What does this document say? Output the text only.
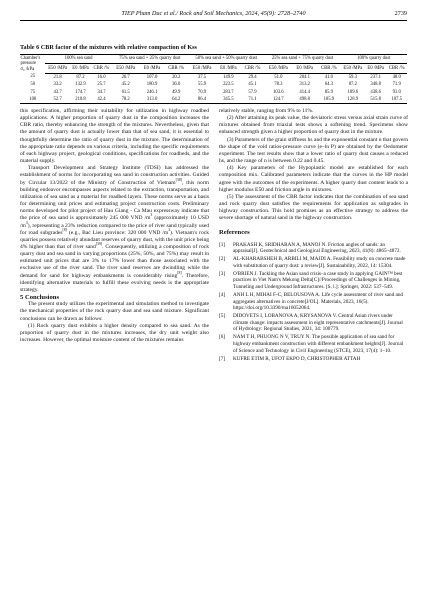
TIEP Pham Duc et al./ Rock and Soil Mechanics, 2024, 45(9): 2728–2740	2739
Table 6 CBR factor of the mixtures with relative compaction of Kss
Chamber's
pressure
σ₀ /kPa	100% sea sand			75% sea sand + 25% quarry dust			50% sea sand + 50% quarry dust			25% sea sand + 75% quarry dust			100% quarry dust		
	E50 /MPa	E0 /MPa	CBR /%	E50 /MPa	E0 /MPa	CBR /%	E50 /MPa	E0 /MPa	CBR /%	E50 /MPa	E0 /MPa	CBR /%	E50 /MPa	E0 /MPa	CBR /%
25	21.8	87.2	16.0	26.7	107.0	20.2	37.5	149.9	29.4	51.0	204.1	41.0	59.3	237.1	48.0
50	33.2	132.9	25.7	45.2	180.9	36.0	55.9	223.5	45.1	78.3	313.2	64.3	87.2	348.8	71.9
75	43.7	174.7	34.7	61.5	246.1	49.9	70.9	283.7	57.9	103.6	414.4	85.9	109.6	438.6	91.0
100	52.7	210.8	42.4	78.2	313.0	64.2	86.4	345.5	71.1	124.7	498.8	105.9	128.9	515.8	107.5

this specification, affirming their suitability for utilization in highway roadbed applications. A higher proportion of quarry dust in the composition increases the CBR ratio, thereby enhancing the strength of the mixtures. Nevertheless, given that the amount of quarry dust is actually lower than that of sea sand, it is essential to thoughtfully determine the ratio of quarry dust in the mixture. The determination of the appropriate ratio depends on various criteria, including the specific requirements of each highway project, geological conditions, specifications for roadbeds, and the material supply.

Transport Development and Strategy Institute (TDSI) has addressed the establishment of norms for incorporating sea sand in construction activities. Guided by Circular 13/2022 of the Ministry of Construction of Vietnam[38], this norm building endeavor encompasses aspects related to the extraction, transportation, and utilization of sea sand as a material for roadbed layers. These norms serve as a basis for determining unit prices and estimating project construction costs. Preliminary norms developed for pilot project of Hau Giang - Ca Mau expressway indicate that the price of sea sand is approximately 245 000 VND $/m^3$ (approximately 10 USD $/m^3$), representing a 23% reduction compared to the price of river sand typically used for road subgrades[8] (e.g., Bac Lieu province: 320 000 VND $/m^3$). Vietnam's rock quarries possess relatively abundant reserves of quarry dust, with the unit price being 4% higher than that of river sand[39]. Consequently, utilizing a composition of rock quarry dust and sea sand in varying proportions (25%, 50%, and 75%) may result in estimated unit prices that are 3% to 17% lower than those associated with the exclusive use of the river sand. The river sand reserves are dwindling while the demand for sand for highway embankments is considerably rising[8]. Therefore, identifying alternative materials to fulfill these evolving needs is the appropriate strategy.

5 Conclusions

The present study utilizes the experimental and simulation method to investigate the mechanical properties of the rock quarry dust and sea sand mixture. Significant conclusions can be drawn as follows:

(1) Rock quarry dust exhibits a higher density compared to sea sand. As the proportion of quarry dust in the mixtures increases, the dry unit weight also increases. However, the optimal moisture content of the mixtures remains

relatively stable, ranging from 9% to 11%.

(2) After attaining its peak value, the deviatoric stress versus axial strain curve of mixtures obtained from triaxial tests shows a softening trend. Specimens show enhanced strength given a higher proportion of quarry dust in the mixture.

(3) Parameters of the grain stiffness hs and the exponential constant n that govern the shape of the void ratios-pressure curve (e–ln P) are obtained by the Oedometer experiment. The test results show that a lower ratio of quarry dust causes a reduced hs, and the range of n is between 0.22 and 0.45.

(4) Key parameters of the Hypoplastic model are established for each composition mix. Calibrated parameters indicate that the curves in the HP model agree with the outcomes of the experiments. A higher quarry dust content leads to a higher modulus E50 and friction angle in mixtures.

(5) The assessment of the CBR factor indicates that the combination of sea sand and rock quarry dust satisfies the requirements for application as subgrades in highway construction. This hold promises as an effective strategy to address the severe shortage of natural sand in the highway construction.

References
[1]	PRAKASH K, SRIDHARAN A, MANOJ N. Friction angles of sands: an appraisal[J]. Geotechnical and Geological Engineering, 2023, 41(8): 4865–4872.
[2]	AL-KHARABSHEH B, ARBILI M, MAJDI A. Feasibility study on concrete made with substitution of quarry dust: a review[J]. Sustainability, 2022, 14: 15304.
[3]	O'BRIEN J. Tackling the Asian sand crisis–a case study in applying GAIN™ best practices in Viet Nam's Mekong Delta[C]//Proceedings of Challenges in Mining, Tunneling and Underground Infrastructures. [S. l.]: Springer, 2022: 537–549.
[4]	ANH L H, MIHAI F-C, BELOUSOVA A. Life cycle assessment of river sand and aggregates alternatives in concrete[J/OL]. Materials, 2023, 16(5). https://doi.org/10.3390/ma16052064.
[5]	DIDOVETS I, LOBANOVA A, KRYSANOVA V. Central Asian rivers under climate change: impacts assessment in eight representative catchments[J]. Journal of Hydrology: Regional Studies, 2021, 34: 100779.
[6]	NAM T H, PHUONG N V, TRUY N. The possible application of sea sand for highway embankment construction with different embankment heights[J]. Journal of Science and Technology in Civil Engineering (STCE), 2023, 17(4): 1–10.
[7]	KUFRE ETIM R, UFOT EKPO D, CHRISTOPHER ATTAH
